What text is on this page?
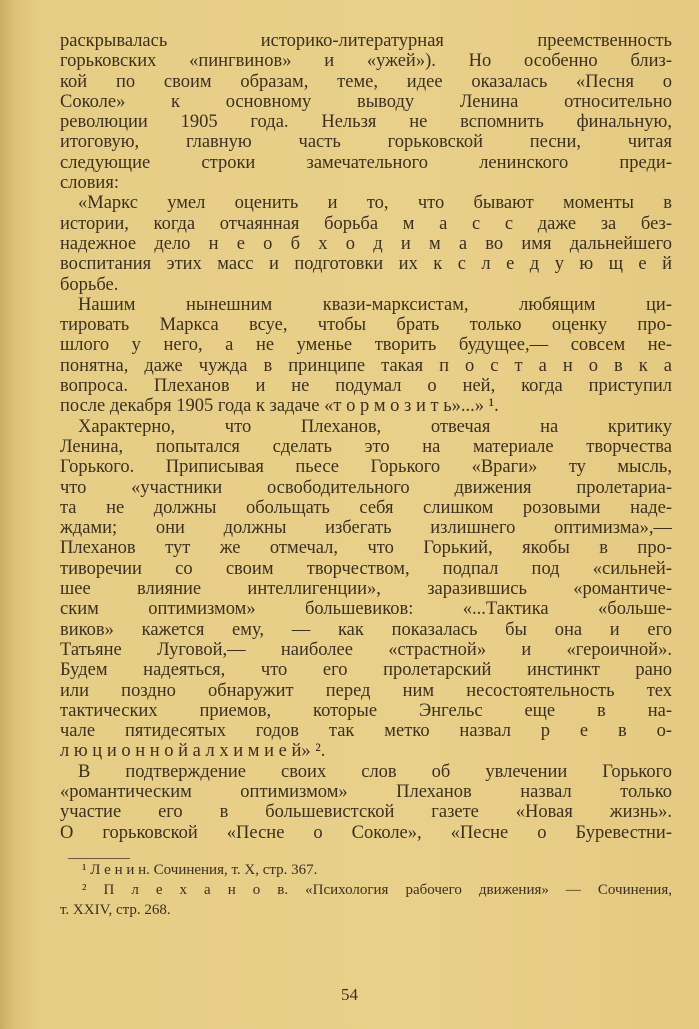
раскрывалась историко-литературная преемственность
горьковских «пингвинов» и «ужей»). Но особенно близ-
кой по своим образам, теме, идее оказалась «Песня о
Соколе» к основному выводу Ленина относительно
революции 1905 года. Нельзя не вспомнить финальную,
итоговую, главную часть горьковской песни, читая
следующие строки замечательного ленинского преди-
словия:
«Маркс умел оценить и то, что бывают моменты в
истории, когда отчаянная борьба м а с с даже за без-
надежное дело н е о б х о д и м а во имя дальнейшего
воспитания этих масс и подготовки их к с л е д у ю щ е й
борьбе.
Нашим нынешним квази-марксистам, любящим ци-
тировать Маркса всуе, чтобы брать только оценку про-
шлого у него, а не уменье творить будущее,— совсем не-
понятна, даже чужда в принципе такая п о с т а н о в к а
вопроса. Плеханов и не подумал о ней, когда приступил
после декабря 1905 года к задаче «т о р м о з и т ь»...» ¹.
Характерно, что Плеханов, отвечая на критику
Ленина, попытался сделать это на материале творчества
Горького. Приписывая пьесе Горького «Враги» ту мысль,
что «участники освободительного движения пролетариа-
та не должны обольщать себя слишком розовыми наде-
ждами; они должны избегать излишнего оптимизма»,—
Плеханов тут же отмечал, что Горький, якобы в про-
тиворечии со своим творчеством, подпал под «сильней-
шее влияние интеллигенции», заразившись «романтиче-
ским оптимизмом» большевиков: «...Тактика «больше-
виков» кажется ему, — как показалась бы она и его
Татьяне Луговой,— наиболее «страстной» и «героичной».
Будем надеяться, что его пролетарский инстинкт рано
или поздно обнаружит перед ним несостоятельность тех
тактических приемов, которые Энгельс еще в на-
чале пятидесятых годов так метко назвал р е в о-
л ю ц и о н н о й а л х и м и е й» ².
В подтверждение своих слов об увлечении Горького
«романтическим оптимизмом» Плеханов назвал только
участие его в большевистской газете «Новая жизнь».
О горьковской «Песне о Соколе», «Песне о Буревестни-
¹ Л е н и н. Сочинения, т. X, стр. 367.
² П л е х а н о в. «Психология рабочего движения» — Сочинения,
т. XXIV, стр. 268.
54
